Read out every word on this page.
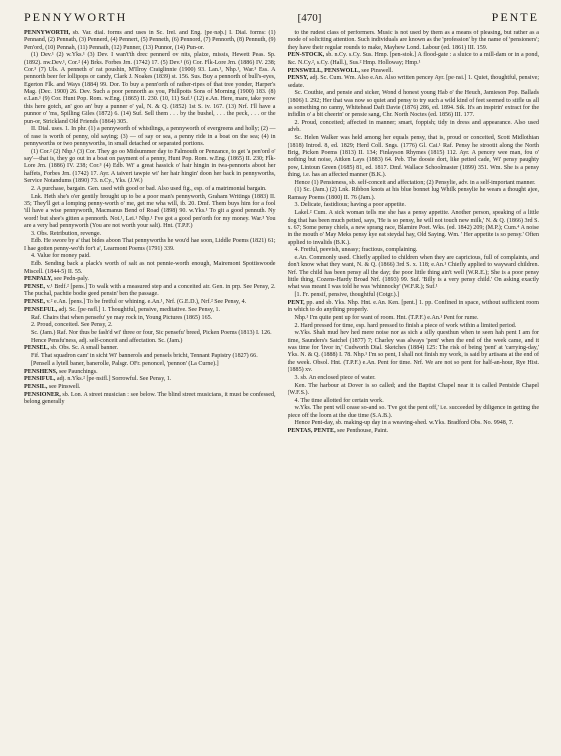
PENNYWORTH	[470]	PENTE

PENNYWORTH, sb. Var. dial. forms and uses in Sc. Irel. and Eng. [pe·nəþ.] I. Dial. forms: (1) Pennand, (2) Pennath, (3) Pennerd, (4) Pennert, (5) Penneth, (6) Pennord, (7) Pennorth, (8) Pennuth, (9) Pen'ord, (10) Pennah, (11) Pennath, (12) Punner, (13) Punnor, (14) Pun-or.

(1) Dev.¹ (2) w.Yks.¹ (3) Dev. I wan't'th drec pennerd ov nits, plaize, missis, Hewett Peas. Sp. (1892). nw.Dev.¹, Cor.² (4) Brks. Forbes Jrn. (1742) 17. (5) Dev.¹ (6) Cor. Flk-Lore Jrn. (1886) IV. 238; Cor.³ (7) Uls. A penneth o' rat poushin, M'Ilroy Craiglinnie (1900) 93. Lan.¹, Nhp.¹, War.³ Ess. A pennorth beer fer lollipops or candy, Clark J. Noakes (1839) st. 156. Sus. Buy a pennorth of bull's-eyes, Egerton Flk. and Ways (1884) 99. Dor. To buy a penn'orth of rather-ripes of that tree yonder, Harper's Mag. (Dec. 1900) 26. Dev. Such a poor pennorth as you, Phillpotts Sons of Morning (1900) 183. (8) e.Lan.¹ (9) Cor. Hunt Pop. Rom. w.Eng. (1865) II. 230. (10, 11) Suf.¹ (12) e.An. Here, mare, take yeow this here gotch, an' goo an' buy a punner o' yal, N. & Q. (1852) 1st S. iv. 167. (13) Nrf. I'll have a punnor o' 'ms, Spilling Giles (1872) 6. (14) Suf. Sell them . . . by the bushel, . . . the peck, . . . or the pun-or, Strickland Old Friends (1864) 305.

II. Dial. uses. 1. In phr. (1) a pennyworth of whistlings, a pennyworth of evergreens and holly; (2) — of rase is worth of penny, old saying; (3) — of say or sea, a penny ride in a boat on the sea; (4) in pennyworths or two pennyworths, in small detached or separated portions.

(1) Cor.² (2) Nhp.¹ (3) Cor. They go oo Midsummer day to Falmouth or Penzance, to get 'a pen'ord o' say'—that is, they go out in a boat on payment of a penny, Hunt Pop. Rom. w.Eng. (1865) II. 230; Flk-Lore Jrn. (1886) IV. 238; Cor.³ (4) Edb. Wi' a great hassick o' hair hingin in twa-pennorts aboot her haffets, Forbes Jrn. (1742) 17. Ayr. A taivert tawpie wi' her hair hingin' doon her back in pennyworths, Service Notandums (1890) 73. n.Cy., Yks. (J.W.)

2. A purchase, bargain. Gen. used with good or bad. Also used fig., esp. of a matrimonial bargain.

Lnk. Heth she's o'er gentily brought up to be a poor man's pennyworth, Graham Writings (1883) II. 35; They'll get a lomping penny-worth o' me, get me wha will, ib. 20. Dmf. Them buys him for a fool 'ill have a wise pennyworth, Macmanus Bend of Road (1898) 90. w.Yks.¹ To git a good pennuth. Ny word! but shee's gitten a pennorth. Not.¹, Lei.¹ Nhp.¹ I've got a good pen'orth for my money. War.³ You are a very bad pennyworth (You are not worth your salt). Hnt. (T.P.F.)

3. Obs. Retribution, revenge.

Edb. He swore by a' that bides aboon That pennyworths he wou'd hae soon, Liddle Poems (1821) 61; I hae gotten penny-wo'th for't a', Learmont Poems (1791) 339.

4. Value for money paid.

Edb. Sending back a plack's worth of salt as not pennie-worth enough, Mairemont Spottiswoode Miscell. (1844-5) II. 55.

PENPALY, see Pedn-paly.

PENSE, v.¹ Brdf.² [pens.] To walk with a measured step and a conceited air. Gen. in prp. See Pensy, 2. The puchal, pachtie bodie geed pensin' ben the passage.

PENSE, v.² e.An. [pens.] To be fretful or whining. e.An.¹, Nrf. (G.E.D.), Nrf.² See Pensy, 4.

PENSEFUL, adj. Sc. [pe·nsfl.] 1. Thoughtful, pensive, meditative. See Pensy, 1.

Raf. Chairs that when pensefu' ye may rock in, Young Pictures (1865) 165.

2. Proud, conceited. See Pensy, 2.

Sc. (Jam.) Raf. Nor thus be fash'd wi' three or four, Sic pensefu' breed, Picken Poems (1813) I. 126.

Hence Pensfu'ness, adj. self-conceit and affectation. Sc. (Jam.)

PENSEL, sb. Obs. Sc. A small banner.

Fif. That squadron cam' in sicht Wi' bannerols and pensels bricht, Tennant Papistry (1827) 66.

[Pensell a lytell baner, banerolle, Palsgr. OFr. penoncel, 'pennon' (La Curne).]

PENSHENS, see Paunchings.

PENSIFUL, adj. n.Yks.² [pe·nsifl.] Sorrowful. See Pensy, 1.

PENSIL, see Pinswell.

PENSIONER, sb. Lon. A street musician : see below. The blind street musicians, it must be confessed, belong generally

to the rudest class of performers. Music is not used by them as a means of pleasing, but rather as a mode of soliciting attention. Such individuals are known as the 'profession' by the name of 'pensioners'; they have their regular rounds to make, Mayhew Lond. Labour (ed. 1861) III. 159.

PEN-STOCK, sb. n.Cy. s.Cy. Sus. Hmp. [pen-stok.] A flood-gate : a sluice to a mill-dam or in a pond, &c. N.Cy.², s.Cy. (Hall.), Sus.² Hmp. Holloway; Hmp.¹

PENSWELL, PENSWOLL, see Pinswell.

PENSY, adj. Sc. Cum. Wm. Also e.An. Also written pencey Ayr. [pe·nsi.] 1. Quiet, thoughtful, pensive; sedate.

Sc. Couthie, and pensie and sicker, Wond d honest young Hab o' the Heuch, Jamieson Pop. Ballads (1806) I. 292; Her that was now so quiet and pensy to try such a wild kind of feet seemed to stifle us all as something no canny, Whitehead Daft Davie (1876) 286, ed. 1894. Stk. It's an inspirin' extract for the infidlin o' a bit cheerin' or pensie sang, Chr. North Noctes (ed. 1856) III. 177.

2. Proud, conceited; affected in manner; smart, foppish; tidy in dress and appearance. Also used advb.

Sc. Helen Walker was held among her equals pensy, that is, proud or conceited, Scott Midlothian (1818) Introd. 8, ed. 1829; Herd Coll. Sngs. (1776) Gl. Cai.¹ Raf. Pensy he strootit along the North Brig, Picken Poems (1813) II. 134; Finlayson Rhymes (1815) 112. Ayr. A pencey wee man, fou o' nothing but noise, Aitken Lays (1883) 64. Peb. The doosie dort, like petted cade, Wi' pensy paughty pow, Lintoun Green (1685) 81, ed. 1817. Dmf. Wallace Schoolmaster (1899) 351. Wm. She is a pensy thing, i.e. has an affected manner (B.K.).

Hence (1) Pensieness, sb. self-conceit and affectation; (2) Pensylie, adv. in a self-important manner.

(1) Sc. (Jam.) (2) Lnk. Ribbon knots at his blue bonnet lug Whilk pensylie he wears a thought ajee, Ramsay Poems (1800) II. 76 (Jam.).

3. Delicate, fastidious; having a poor appetite.

Lakel.² Cum. A sick woman tells me she has a pensy appetite. Another person, speaking of a little dog that has been much petted, says, 'He is so pensy, he will not touch new milk,' N. & Q. (1866) 3rd S. x. 67; Some pensy chiels, a new sprang race, Blamire Poet. Wks. (ed. 1842) 209; (M.P.); Cum.⁴ A noise in the mouth o' May Meks pensy kye eat steydal hay, Old Saying. Wm. ' Her appetite is so pensy.' Often applied to invalids (B.K.).

4. Fretful, peevish, uneasy; fractious, complaining.

e.An. Commonly used. Chiefly applied to children when they are capricious, full of complaints, and don't know what they want, N. & Q. (1866) 3rd S. x. 118; e.An.¹ Chiefly applied to wayward children. Nrf. The child has been pensy all the day; the poor little thing ain't well (W.R.E.); She is a poor pensy little thing, Cozens-Hardy Broad Nrf. (1893) 99. Suf. 'Billy is a very pensy child.' On asking exactly what was meant I was told he was 'whinnocky' (W.F.R.); Suf.¹

[1. Fr. pensif, pensive, thoughtful (Cotgr.).]

PENT, pp. and sb. Yks. Nhp. Hnt. e.An. Ken. [pent.] 1. pp. Confined in space, without sufficient room in which to do anything properly.

Nhp.¹ I'm quite pent up for want of room. Hnt. (T.P.F.) e.An.¹ Pent for rume.

2. Hard pressed for time, esp. hard pressed to finish a piece of work within a limited period.

w.Yks. Shah mud hev hed mere noise nor as sich a silly questhun when te seen hah pent I am for time, Saunders's Satchel (1877) 7; Charley was always 'pent' when the end of the week came, and it was time for 'livor in,' Cudworth Dial. Sketches (1884) 125: The risk of being 'pent' at 'carrying-day,' Yks. N. & Q. (1888) I. 78. Nhp.¹ I'm so pent, I shall not finish my work, is said by artisans at the end of the week. Obsol. Hnt. (T.P.F.) e.An. Pent for time. Nrf. We are not so pent for half-an-hour, Rye Hist. (1885) xv.

3. sb. An enclosed piece of water.

Ken. The harbour at Dover is so called; and the Baptist Chapel near it is called Pentside Chapel (W.F.S.).

4. The time allotted for certain work.

w.Yks. The pent will cease so-and so. 'I've got the pent off,' i.e. succeeded by diligence in getting the piece off the loom at the due time (S.A.B.).

Hence Pent-day, sb. making-up day in a weaving-shed. w.Yks. Bradford Obs. No. 9948, 7.

PENTAS, PENTE, see Penthouse, Paint.
